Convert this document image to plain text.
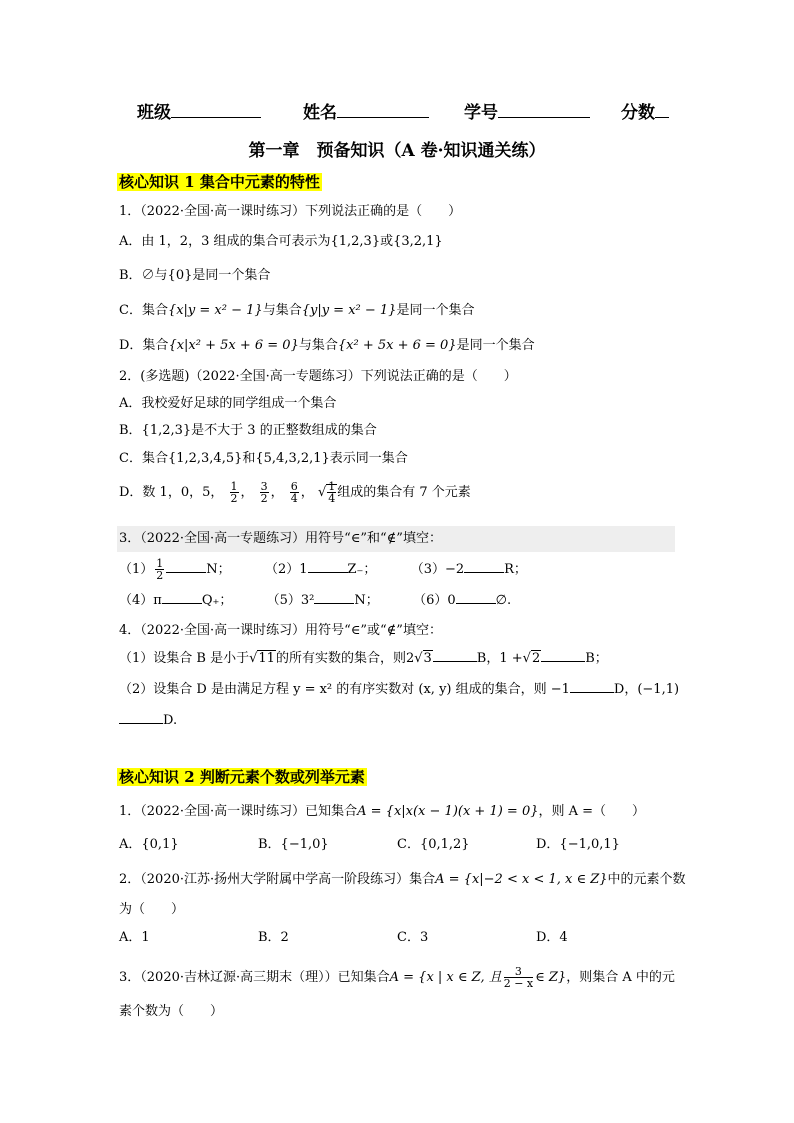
班级	姓名	学号	分数
第一章　预备知识（A 卷·知识通关练）
核心知识 1 集合中元素的特性
1．（2022·全国·高一课时练习）下列说法正确的是（　　）
A．由 1，2，3 组成的集合可表示为{1,2,3}或{3,2,1}
B．∅与{0}是同一个集合
C．集合{x|y = x² − 1}与集合{y|y = x² − 1}是同一个集合
D．集合{x|x² + 5x + 6 = 0}与集合{x² + 5x + 6 = 0}是同一个集合
2．(多选题)（2022·全国·高一专题练习）下列说法正确的是（　　）
A．我校爱好足球的同学组成一个集合
B．{1,2,3}是不大于 3 的正整数组成的集合
C．集合{1,2,3,4,5}和{5,4,3,2,1}表示同一集合
D．数 1，0，5， $\frac{1}{2}$ ， $\frac{3}{2}$ ， $\frac{6}{4}$ ， √ $\frac{1}{4}$ 组成的集合有 7 个元素
3．（2022·全国·高一专题练习）用符号“∈”和“∉”填空：
$(1) \frac{1}{2}$	N；	（2）1	Z₋；	（3）−2	R；
（4）π	Q₊；	（5）3²	N；	（6）0	∅.
4．（2022·全国·高一课时练习）用符号“∈”或“∉”填空：
（1）设集合 B 是小于√11的所有实数的集合，则2√3	B，1 +√2	B；
（2）设集合 D 是由满足方程 y = x² 的有序实数对 (x, y) 组成的集合，则 −1	D，(−1,1)
D.
核心知识 2 判断元素个数或列举元素
1．（2022·全国·高一课时练习）已知集合A = {x|x(x − 1)(x + 1) = 0}，则 A =（　　）
A．{0,1}	B．{−1,0}	C．{0,1,2}	D．{−1,0,1}
2．（2020·江苏·扬州大学附属中学高一阶段练习）集合A = {x|−2 < x < 1, x ∈ Z}中的元素个数
为（　　）
A．1	B．2	C．3	D．4
3．（2020·吉林辽源·高三期末（理））已知集合A = {x | x ∈ Z, 且 $\frac{3}{2 - x}$ ∈ Z}，则集合 A 中的元
素个数为（　　）
